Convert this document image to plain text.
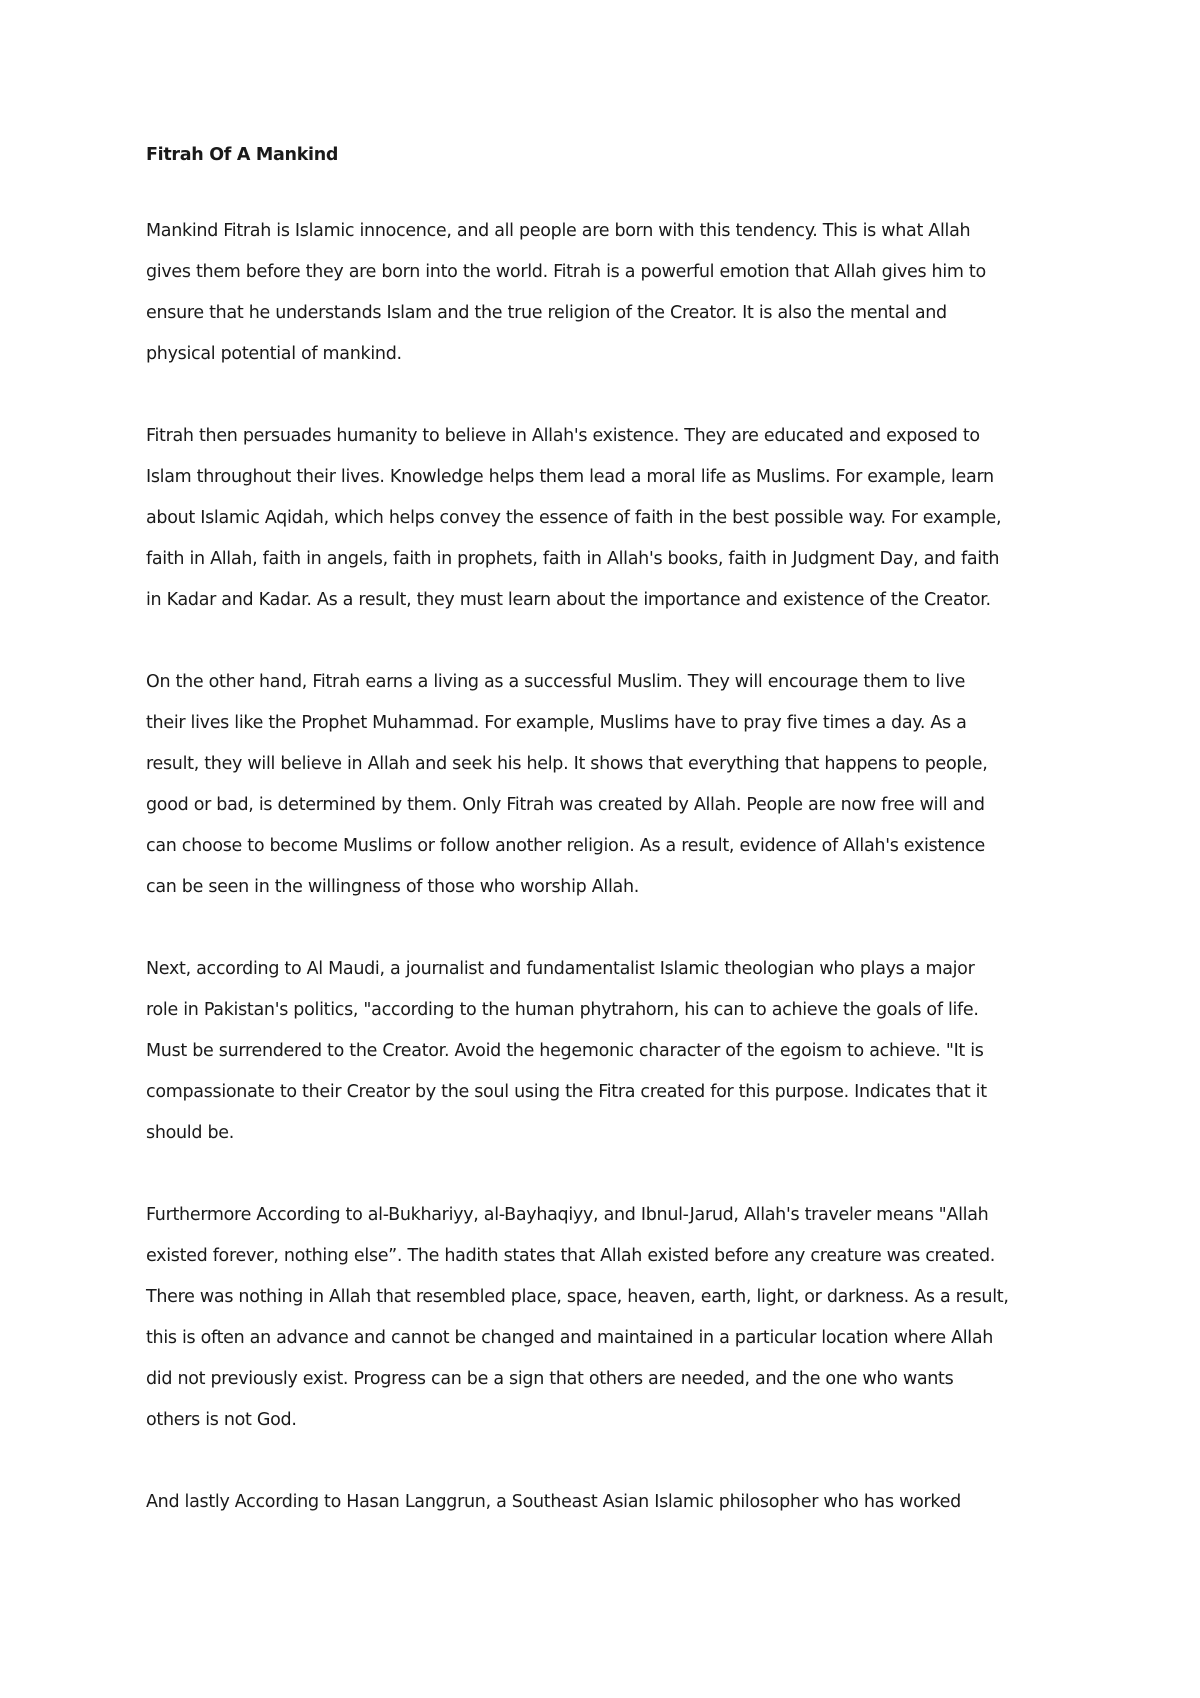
Fitrah Of A Mankind

Mankind Fitrah is Islamic innocence, and all people are born with this tendency. This is what Allah
gives them before they are born into the world. Fitrah is a powerful emotion that Allah gives him to
ensure that he understands Islam and the true religion of the Creator. It is also the mental and
physical potential of mankind.

Fitrah then persuades humanity to believe in Allah's existence. They are educated and exposed to
Islam throughout their lives. Knowledge helps them lead a moral life as Muslims. For example, learn
about Islamic Aqidah, which helps convey the essence of faith in the best possible way. For example,
faith in Allah, faith in angels, faith in prophets, faith in Allah's books, faith in Judgment Day, and faith
in Kadar and Kadar. As a result, they must learn about the importance and existence of the Creator.

On the other hand, Fitrah earns a living as a successful Muslim. They will encourage them to live
their lives like the Prophet Muhammad. For example, Muslims have to pray five times a day. As a
result, they will believe in Allah and seek his help. It shows that everything that happens to people,
good or bad, is determined by them. Only Fitrah was created by Allah. People are now free will and
can choose to become Muslims or follow another religion. As a result, evidence of Allah's existence
can be seen in the willingness of those who worship Allah.

Next, according to Al Maudi, a journalist and fundamentalist Islamic theologian who plays a major
role in Pakistan's politics, "according to the human phytrahorn, his can to achieve the goals of life.
Must be surrendered to the Creator. Avoid the hegemonic character of the egoism to achieve. "It is
compassionate to their Creator by the soul using the Fitra created for this purpose. Indicates that it
should be.

Furthermore According to al-Bukhariyy, al-Bayhaqiyy, and Ibnul-Jarud, Allah's traveler means "Allah
existed forever, nothing else”. The hadith states that Allah existed before any creature was created.
There was nothing in Allah that resembled place, space, heaven, earth, light, or darkness. As a result,
this is often an advance and cannot be changed and maintained in a particular location where Allah
did not previously exist. Progress can be a sign that others are needed, and the one who wants
others is not God.

And lastly According to Hasan Langgrun, a Southeast Asian Islamic philosopher who has worked
